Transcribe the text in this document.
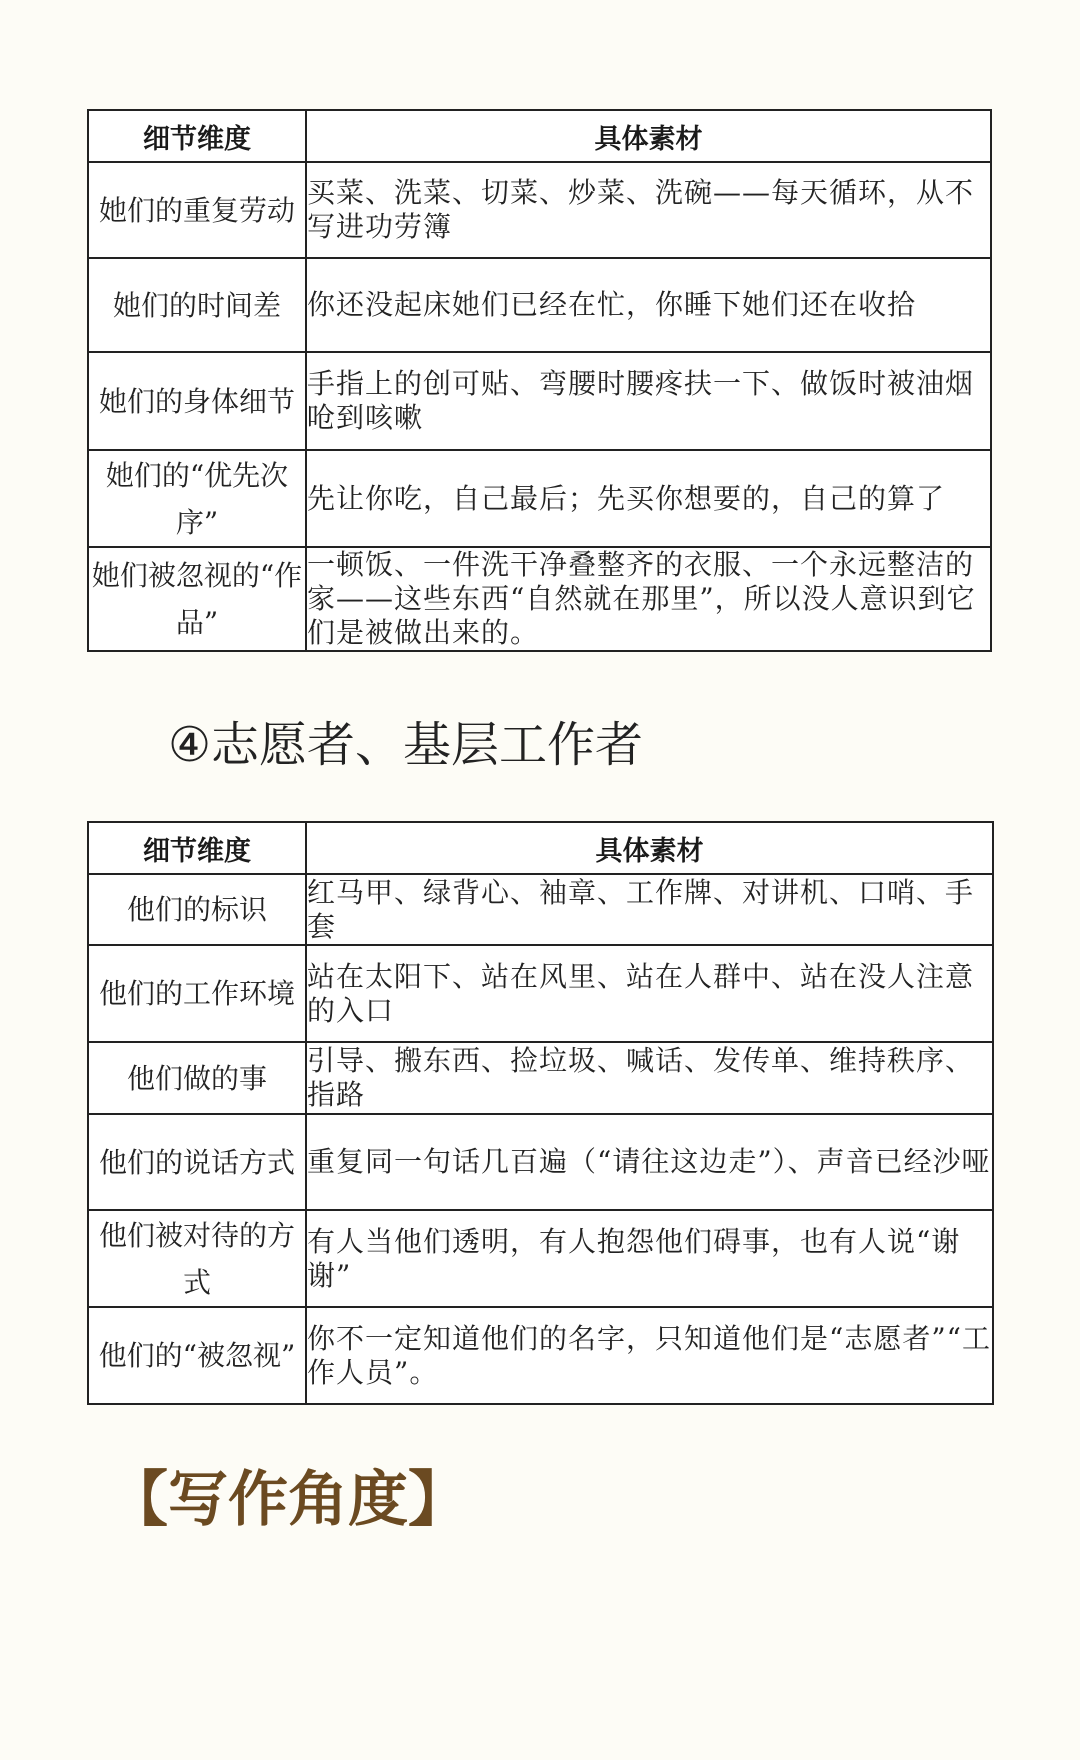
细节维度	具体素材
她们的重复劳动	买菜、洗菜、切菜、炒菜、洗碗——每天循环，从不写进功劳簿
她们的时间差	你还没起床她们已经在忙，你睡下她们还在收拾
她们的身体细节	手指上的创可贴、弯腰时腰疼扶一下、做饭时被油烟呛到咳嗽
她们的“优先次序”	先让你吃，自己最后；先买你想要的，自己的算了
她们被忽视的“作品”	一顿饭、一件洗干净叠整齐的衣服、一个永远整洁的家——这些东西“自然就在那里”，所以没人意识到它们是被做出来的。
④志愿者、基层工作者
细节维度	具体素材
他们的标识	红马甲、绿背心、袖章、工作牌、对讲机、口哨、手套
他们的工作环境	站在太阳下、站在风里、站在人群中、站在没人注意的入口
他们做的事	引导、搬东西、捡垃圾、喊话、发传单、维持秩序、指路
他们的说话方式	重复同一句话几百遍（“请往这边走”）、声音已经沙哑
他们被对待的方式	有人当他们透明，有人抱怨他们碍事，也有人说“谢谢”
他们的“被忽视”	你不一定知道他们的名字，只知道他们是“志愿者”“工作人员”。
【写作角度】
